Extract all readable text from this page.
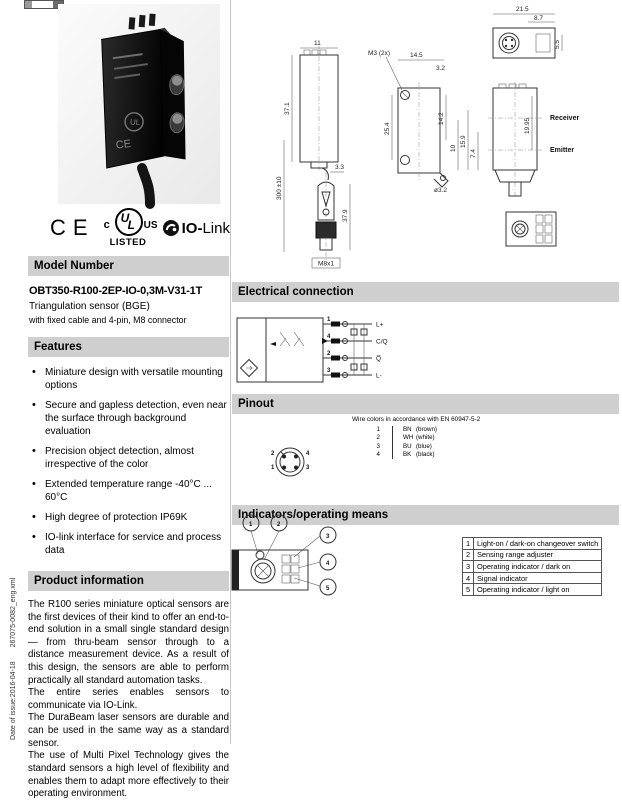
Date of issue:2016-04-18267075-0082_eng.xml
UL
CE
CE U
L
c	US
LISTED
IO-Link
Model Number
OBT350-R100-2EP-IO-0,3M-V31-1T
Triangulation sensor (BGE)
with fixed cable and 4-pin, M8 connector
Features
• Miniature design with versatile mounting options
• Secure and gapless detection, even near the surface through background evaluation
• Precision object detection, almost irrespective of the color
• Extended temperature range -40°C ... 60°C
• High degree of protection IP69K
• IO-link interface for service and process data
Product information

The R100 series miniature optical sensors are the first devices of their kind to offer an end-to-end solution in a small single standard design — from thru-beam sensor through to a distance measurement device. As a result of this design, the sensors are able to perform practically all standard automation tasks.

The entire series enables sensors to communicate via IO-Link.

The DuraBeam laser sensors are durable and can be used in the same way as a standard sensor.

The use of Multi Pixel Technology gives the standard sensors a high level of flexibility and enables them to adapt more effectively to their operating environment.

11
37.1
3.3
300 ±10
37.9
M8x1
14.5
M3 (2x)
3.2
25.4
14.2
ø3.2
10
15.9
7.4
21.5
8.7
5.5
19.95	Receiver
Emitter
Electrical connection
1
L+
4
C/Q
2
Q̅
3
L-
Pinout
Wire colors in accordance with EN 60947-5-2
1	BN (brown)
2	WH (white)
3	BU (blue)
4	BK (black)
2	4
1	3
Indicators/operating means
1	2
3
4
5
1	Light-on / dark-on changeover switch
2	Sensing range adjuster
3	Operating indicator / dark on
4	Signal indicator
5	Operating indicator / light on
